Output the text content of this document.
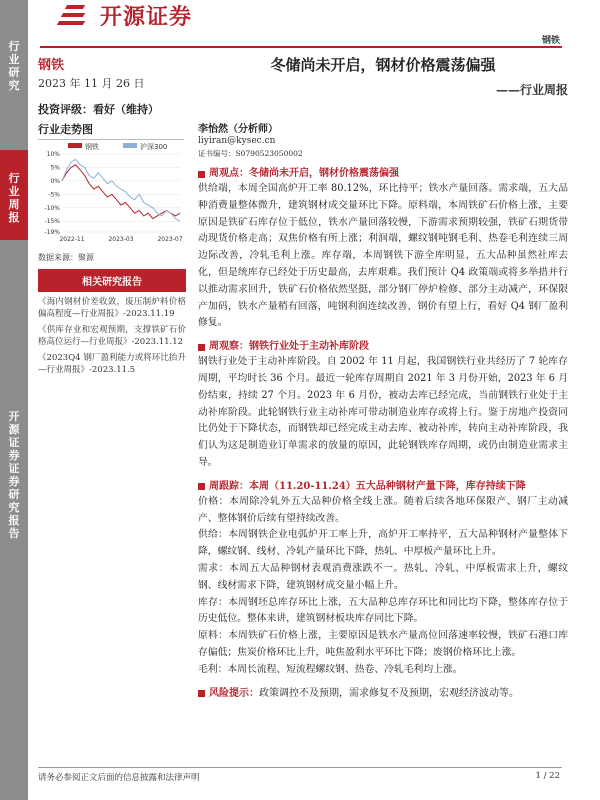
行业研究
行业周报
开源证券 证券研究报告
开源证券
钢铁
钢铁
2023 年 11 月 26 日
投资评级：看好（维持）
行业走势图
钢铁	沪深300
10%
5%
0%
-5%
-10%
-15%
-19%
2022-11	2023-03	2023-07
数据来源：聚源
相关研究报告
《海内钢材价差收敛，废压制炉料价格偏高程度—行业周报》-2023.11.19
《供库存业和宏观预期，支撑铁矿石价格高位运行—行业周报》-2023.11.12
《2023Q4 钢厂盈利能力或将环比抬升—行业周报》-2023.11.5
冬储尚未开启，钢材价格震荡偏强
——行业周报
李怡然（分析师）
liyiran@kysec.cn
证书编号：S0790523050002
周观点：冬储尚未开启，钢材价格震荡偏强
供给端，本周全国高炉开工率 80.12%，环比持平；铁水产量回落。需求端，五大品种消费量整体微升，建筑钢材成交量环比下降。原料端，本周铁矿石价格上涨，主要原因是铁矿石库存位于低位，铁水产量回落较慢，下游需求预期较强，铁矿石期货带动现货价格走高；双焦价格有所上涨；利润端，螺纹钢吨钢毛利、热卷毛利连续三周边际改善，冷轧毛利上涨。库存端，本周钢铁下游全库明显，五大品种虽然社库去化，但是统库存已经处于历史最高，去库艰难。我们预计 Q4 政策端或将多举措并行以推动需求回升，铁矿石价格依然坚挺，部分钢厂停炉检修、部分主动减产，环保限产加码，铁水产量稍有回落，吨钢利润连续改善，钢价有望上行，看好 Q4 钢厂盈利修复。
周观察：钢铁行业处于主动补库阶段
钢铁行业处于主动补库阶段。自 2002 年 11 月起，我国钢铁行业共经历了 7 轮库存周期，平均时长 36 个月。最近一轮库存周期自 2021 年 3 月份开始，2023 年 6 月份结束，持续 27 个月。2023 年 6 月份，被动去库已经完成，当前钢铁行业处于主动补库阶段。此轮钢铁行业主动补库可带动制造业库存或将上行。鉴于房地产投资同比仍处于下降状态，而钢铁却已经完成主动去库、被动补库，转向主动补库阶段，我们认为这是制造业订单需求的放量的原因，此轮钢铁库存周期，或仍由制造业需求主导。
周跟踪：本周（11.20-11.24）五大品种钢材产量下降，库存持续下降
价格：本周除冷轧外五大品种价格全线上涨。随着后续各地环保限产、钢厂主动减产、整体钢价后续有望持续改善。
供给：本周钢铁企业电弧炉开工率上升，高炉开工率持平，五大品种钢材产量整体下降，螺纹钢、线材、冷轧产量环比下降，热轧、中厚板产量环比上升。
需求：本周五大品种钢材表观消费涨跌不一。热轧、冷轧、中厚板需求上升，螺纹钢、线材需求下降，建筑钢材成交量小幅上升。
库存：本周钢坯总库存环比上涨，五大品种总库存环比和同比均下降，整体库存位于历史低位。整体来讲，建筑钢材板块库存同比下降。
原料：本周铁矿石价格上涨，主要原因是铁水产量高位回落速率较慢，铁矿石港口库存偏低；焦炭价格环比上升，吨焦盈利水平环比下降；废钢价格环比上涨。
毛利：本周长流程、短流程螺纹钢、热卷、冷轧毛利均上涨。
风险提示： 政策调控不及预期，需求修复不及预期，宏观经济波动等。
请务必参阅正文后面的信息披露和法律声明	1 / 22
